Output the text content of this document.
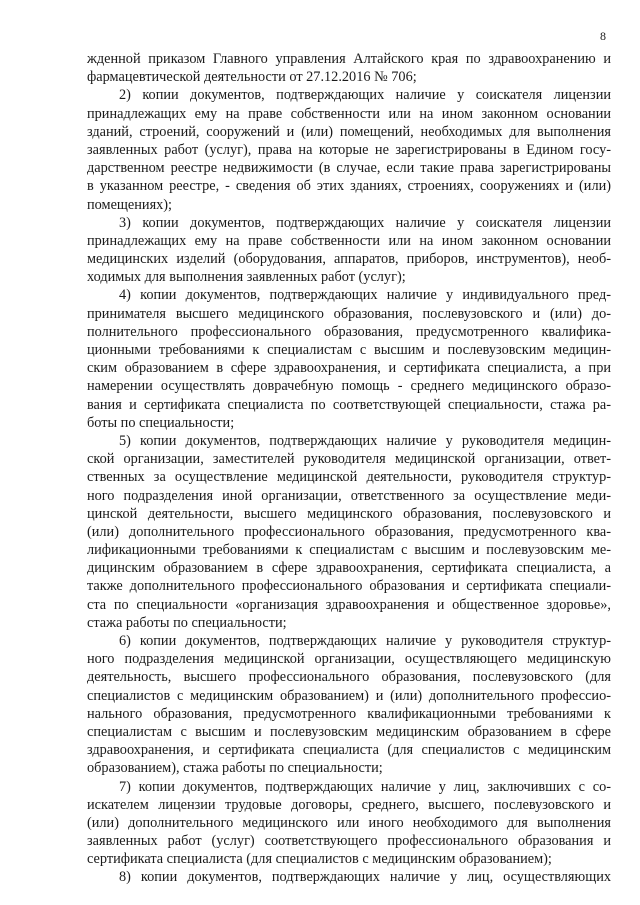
8
жденной приказом Главного управления Алтайского края по здравоохранению и
фармацевтической деятельности от 27.12.2016 № 706;
2) копии документов, подтверждающих наличие у соискателя лицензии
принадлежащих ему на праве собственности или на ином законном основании
зданий, строений, сооружений и (или) помещений, необходимых для выполнения
заявленных работ (услуг), права на которые не зарегистрированы в Едином госу-
дарственном реестре недвижимости (в случае, если такие права зарегистрированы
в указанном реестре, - сведения об этих зданиях, строениях, сооружениях и (или)
помещениях);
3) копии документов, подтверждающих наличие у соискателя лицензии
принадлежащих ему на праве собственности или на ином законном основании
медицинских изделий (оборудования, аппаратов, приборов, инструментов), необ-
ходимых для выполнения заявленных работ (услуг);
4) копии документов, подтверждающих наличие у индивидуального пред-
принимателя высшего медицинского образования, послевузовского и (или) до-
полнительного профессионального образования, предусмотренного квалифика-
ционными требованиями к специалистам с высшим и послевузовским медицин-
ским образованием в сфере здравоохранения, и сертификата специалиста, а при
намерении осуществлять доврачебную помощь - среднего медицинского образо-
вания и сертификата специалиста по соответствующей специальности, стажа ра-
боты по специальности;
5) копии документов, подтверждающих наличие у руководителя медицин-
ской организации, заместителей руководителя медицинской организации, ответ-
ственных за осуществление медицинской деятельности, руководителя структур-
ного подразделения иной организации, ответственного за осуществление меди-
цинской деятельности, высшего медицинского образования, послевузовского и
(или) дополнительного профессионального образования, предусмотренного ква-
лификационными требованиями к специалистам с высшим и послевузовским ме-
дицинским образованием в сфере здравоохранения, сертификата специалиста, а
также дополнительного профессионального образования и сертификата специали-
ста по специальности «организация здравоохранения и общественное здоровье»,
стажа работы по специальности;
6) копии документов, подтверждающих наличие у руководителя структур-
ного подразделения медицинской организации, осуществляющего медицинскую
деятельность, высшего профессионального образования, послевузовского (для
специалистов с медицинским образованием) и (или) дополнительного профессио-
нального образования, предусмотренного квалификационными требованиями к
специалистам с высшим и послевузовским медицинским образованием в сфере
здравоохранения, и сертификата специалиста (для специалистов с медицинским
образованием), стажа работы по специальности;
7) копии документов, подтверждающих наличие у лиц, заключивших с со-
искателем лицензии трудовые договоры, среднего, высшего, послевузовского и
(или) дополнительного медицинского или иного необходимого для выполнения
заявленных работ (услуг) соответствующего профессионального образования и
сертификата специалиста (для специалистов с медицинским образованием);
8) копии документов, подтверждающих наличие у лиц, осуществляющих
